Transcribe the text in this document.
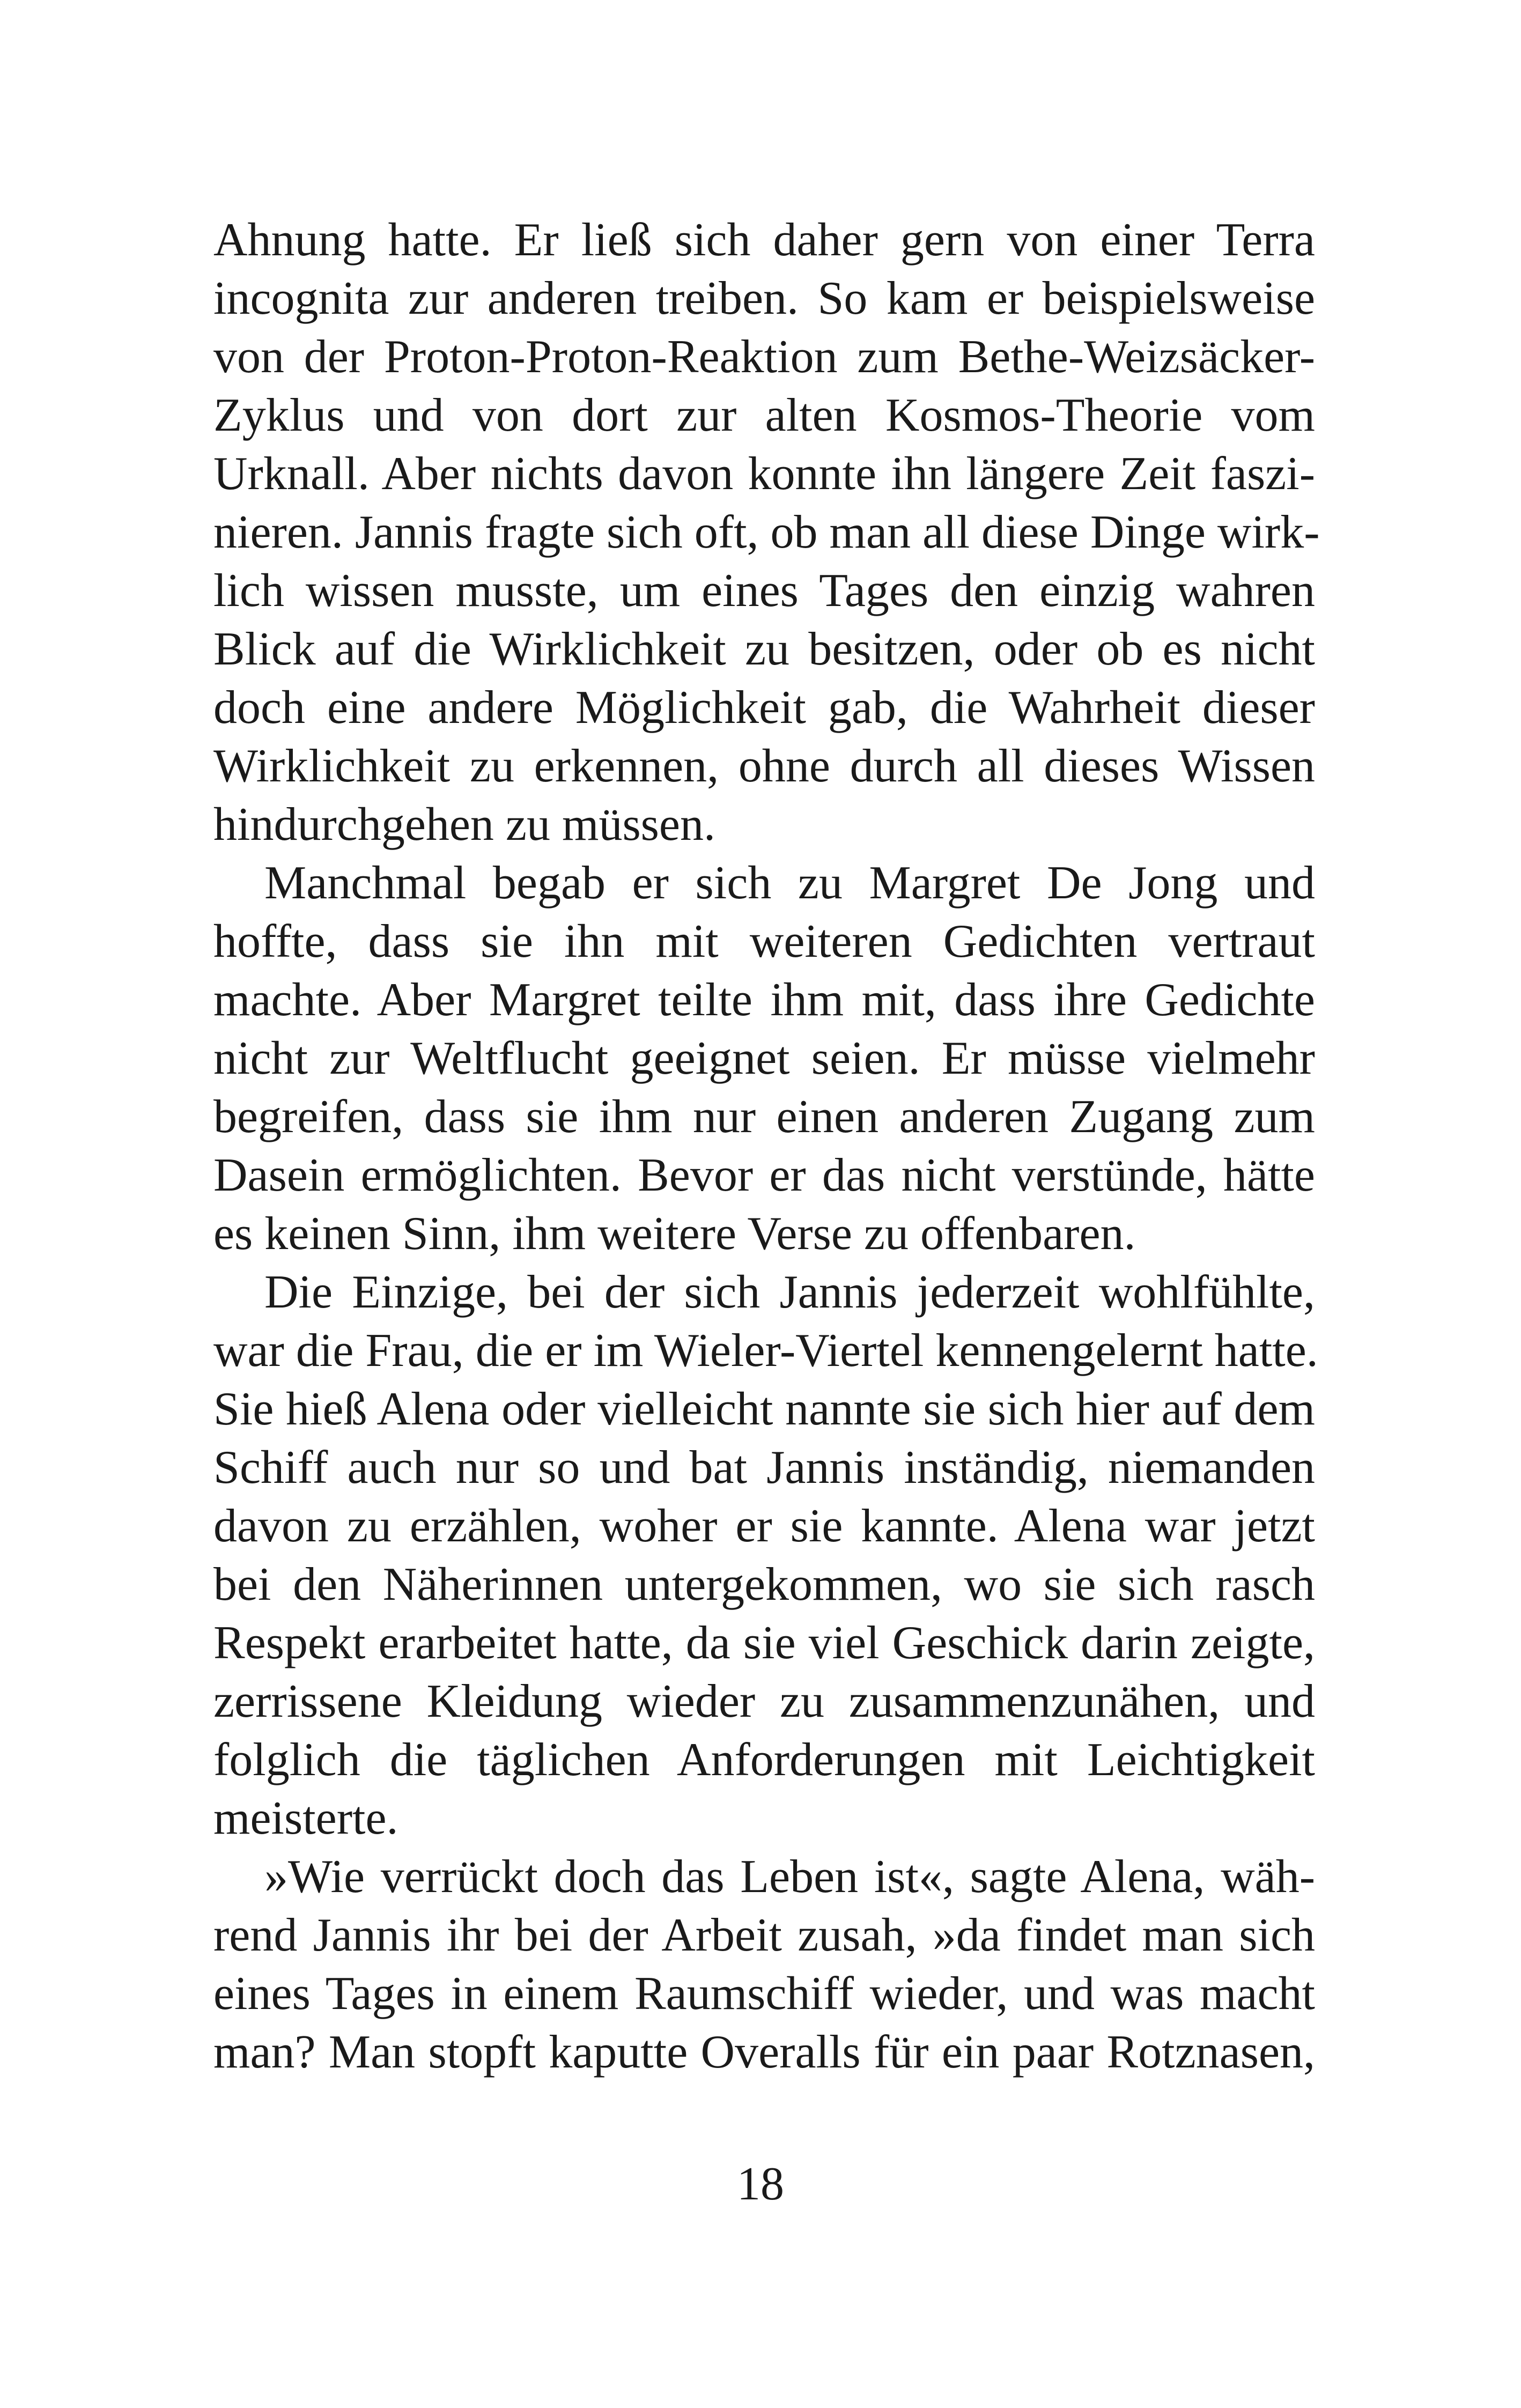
Ahnung hatte. Er ließ sich daher gern von einer Terra
incognita zur anderen treiben. So kam er beispielsweise
von der Proton-Proton-Reaktion zum Bethe-Weizsäcker-
Zyklus und von dort zur alten Kosmos-Theorie vom
Urknall. Aber nichts davon konnte ihn längere Zeit faszi-
nieren. Jannis fragte sich oft, ob man all diese Dinge wirk-
lich wissen musste, um eines Tages den einzig wahren
Blick auf die Wirklichkeit zu besitzen, oder ob es nicht
doch eine andere Möglichkeit gab, die Wahrheit dieser
Wirklichkeit zu erkennen, ohne durch all dieses Wissen
hindurchgehen zu müssen.
Manchmal begab er sich zu Margret De Jong und
hoffte, dass sie ihn mit weiteren Gedichten vertraut
machte. Aber Margret teilte ihm mit, dass ihre Gedichte
nicht zur Weltflucht geeignet seien. Er müsse vielmehr
begreifen, dass sie ihm nur einen anderen Zugang zum
Dasein ermöglichten. Bevor er das nicht verstünde, hätte
es keinen Sinn, ihm weitere Verse zu offenbaren.
Die Einzige, bei der sich Jannis jederzeit wohlfühlte,
war die Frau, die er im Wieler-Viertel kennengelernt hatte.
Sie hieß Alena oder vielleicht nannte sie sich hier auf dem
Schiff auch nur so und bat Jannis inständig, niemanden
davon zu erzählen, woher er sie kannte. Alena war jetzt
bei den Näherinnen untergekommen, wo sie sich rasch
Respekt erarbeitet hatte, da sie viel Geschick darin zeigte,
zerrissene Kleidung wieder zu zusammenzunähen, und
folglich die täglichen Anforderungen mit Leichtigkeit
meisterte.
»Wie verrückt doch das Leben ist«, sagte Alena, wäh-
rend Jannis ihr bei der Arbeit zusah, »da findet man sich
eines Tages in einem Raumschiff wieder, und was macht
man? Man stopft kaputte Overalls für ein paar Rotznasen,
18
